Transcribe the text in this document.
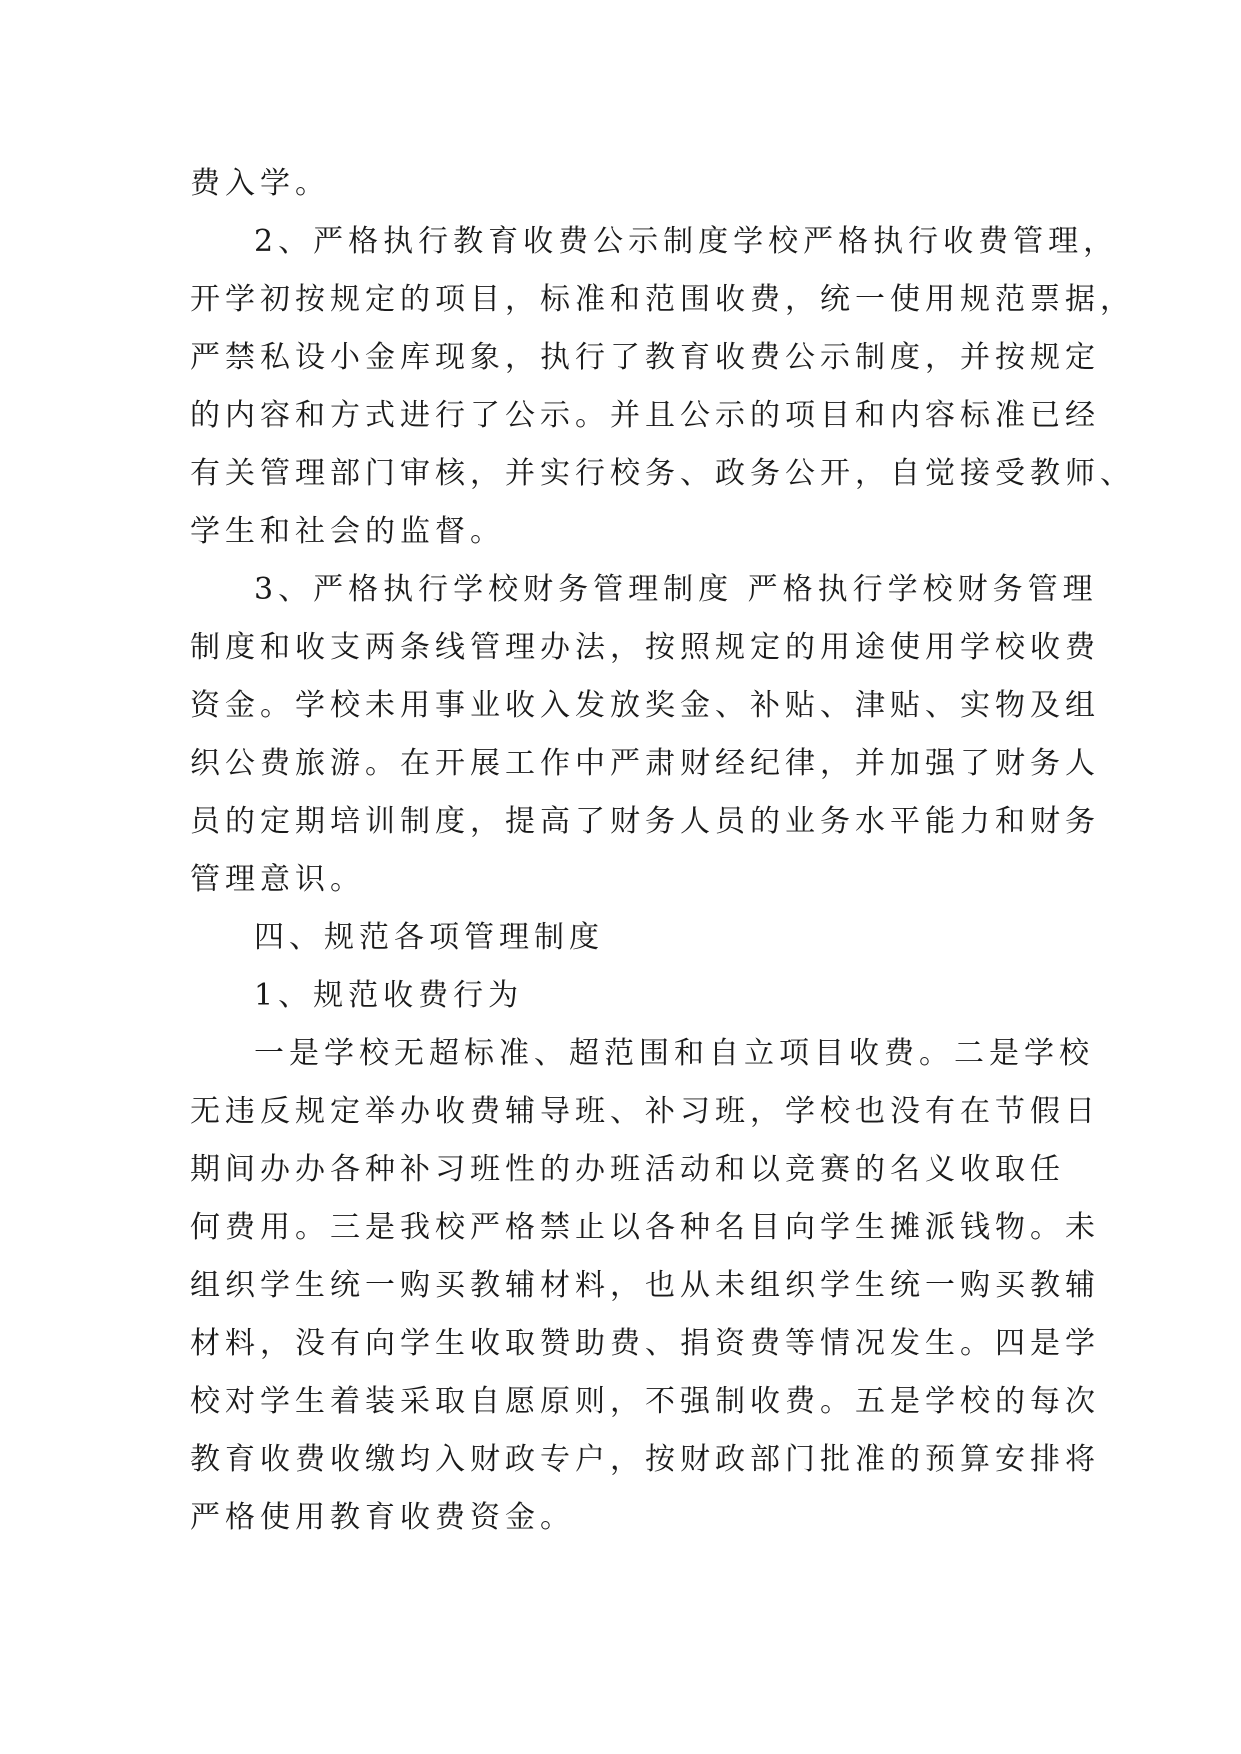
费入学。
2、严格执行教育收费公示制度学校严格执行收费管理，
开学初按规定的项目，标准和范围收费，统一使用规范票据，
严禁私设小金库现象，执行了教育收费公示制度，并按规定
的内容和方式进行了公示。并且公示的项目和内容标准已经
有关管理部门审核，并实行校务、政务公开，自觉接受教师、
学生和社会的监督。
3、严格执行学校财务管理制度 严格执行学校财务管理
制度和收支两条线管理办法，按照规定的用途使用学校收费
资金。学校未用事业收入发放奖金、补贴、津贴、实物及组
织公费旅游。在开展工作中严肃财经纪律，并加强了财务人
员的定期培训制度，提高了财务人员的业务水平能力和财务
管理意识。
四、规范各项管理制度
1、规范收费行为
一是学校无超标准、超范围和自立项目收费。二是学校
无违反规定举办收费辅导班、补习班，学校也没有在节假日
期间办办各种补习班性的办班活动和以竞赛的名义收取任
何费用。三是我校严格禁止以各种名目向学生摊派钱物。未
组织学生统一购买教辅材料，也从未组织学生统一购买教辅
材料，没有向学生收取赞助费、捐资费等情况发生。四是学
校对学生着装采取自愿原则，不强制收费。五是学校的每次
教育收费收缴均入财政专户，按财政部门批准的预算安排将
严格使用教育收费资金。
